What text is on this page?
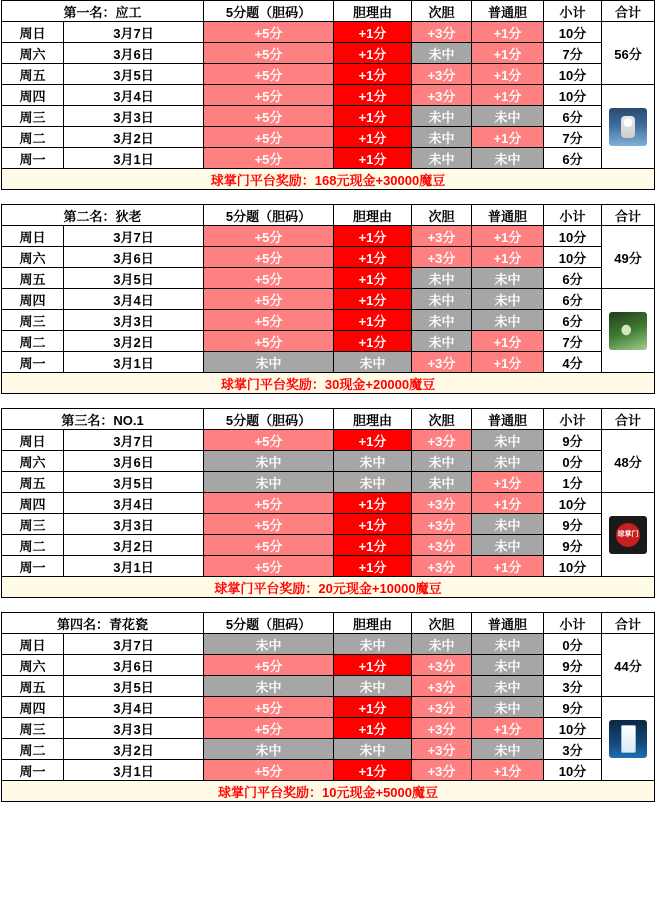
第一名：应工		5分题（胆码）	胆理由	次胆	普通胆	小计	合计
周日	3月7日	+5分	+1分	+3分	+1分	10分	56分
周六	3月6日	+5分	+1分	未中	+1分	7分	
周五	3月5日	+5分	+1分	+3分	+1分	10分	
周四	3月4日	+5分	+1分	+3分	+1分	10分	

周三	3月3日	+5分	+1分	未中	未中	6分	
周二	3月2日	+5分	+1分	未中	+1分	7分	
周一	3月1日	+5分	+1分	未中	未中	6分	
球掌门平台奖励：168元现金+30000魔豆							
第二名：狄老		5分题（胆码）	胆理由	次胆	普通胆	小计	合计
周日	3月7日	+5分	+1分	+3分	+1分	10分	49分
周六	3月6日	+5分	+1分	+3分	+1分	10分	
周五	3月5日	+5分	+1分	未中	未中	6分	
周四	3月4日	+5分	+1分	未中	未中	6分	

周三	3月3日	+5分	+1分	未中	未中	6分	
周二	3月2日	+5分	+1分	未中	+1分	7分	
周一	3月1日	未中	未中	+3分	+1分	4分	
球掌门平台奖励：30现金+20000魔豆							
第三名：NO.1		5分题（胆码）	胆理由	次胆	普通胆	小计	合计
周日	3月7日	+5分	+1分	+3分	未中	9分	48分
周六	3月6日	未中	未中	未中	未中	0分	
周五	3月5日	未中	未中	未中	+1分	1分	
周四	3月4日	+5分	+1分	+3分	+1分	10分	球掌门

周三	3月3日	+5分	+1分	+3分	未中	9分	
周二	3月2日	+5分	+1分	+3分	未中	9分	
周一	3月1日	+5分	+1分	+3分	+1分	10分	
球掌门平台奖励：20元现金+10000魔豆							
第四名：青花瓷		5分题（胆码）	胆理由	次胆	普通胆	小计	合计
周日	3月7日	未中	未中	未中	未中	0分	44分
周六	3月6日	+5分	+1分	+3分	未中	9分	
周五	3月5日	未中	未中	+3分	未中	3分	
周四	3月4日	+5分	+1分	+3分	未中	9分	

周三	3月3日	+5分	+1分	+3分	+1分	10分	
周二	3月2日	未中	未中	+3分	未中	3分	
周一	3月1日	+5分	+1分	+3分	+1分	10分	
球掌门平台奖励：10元现金+5000魔豆							
